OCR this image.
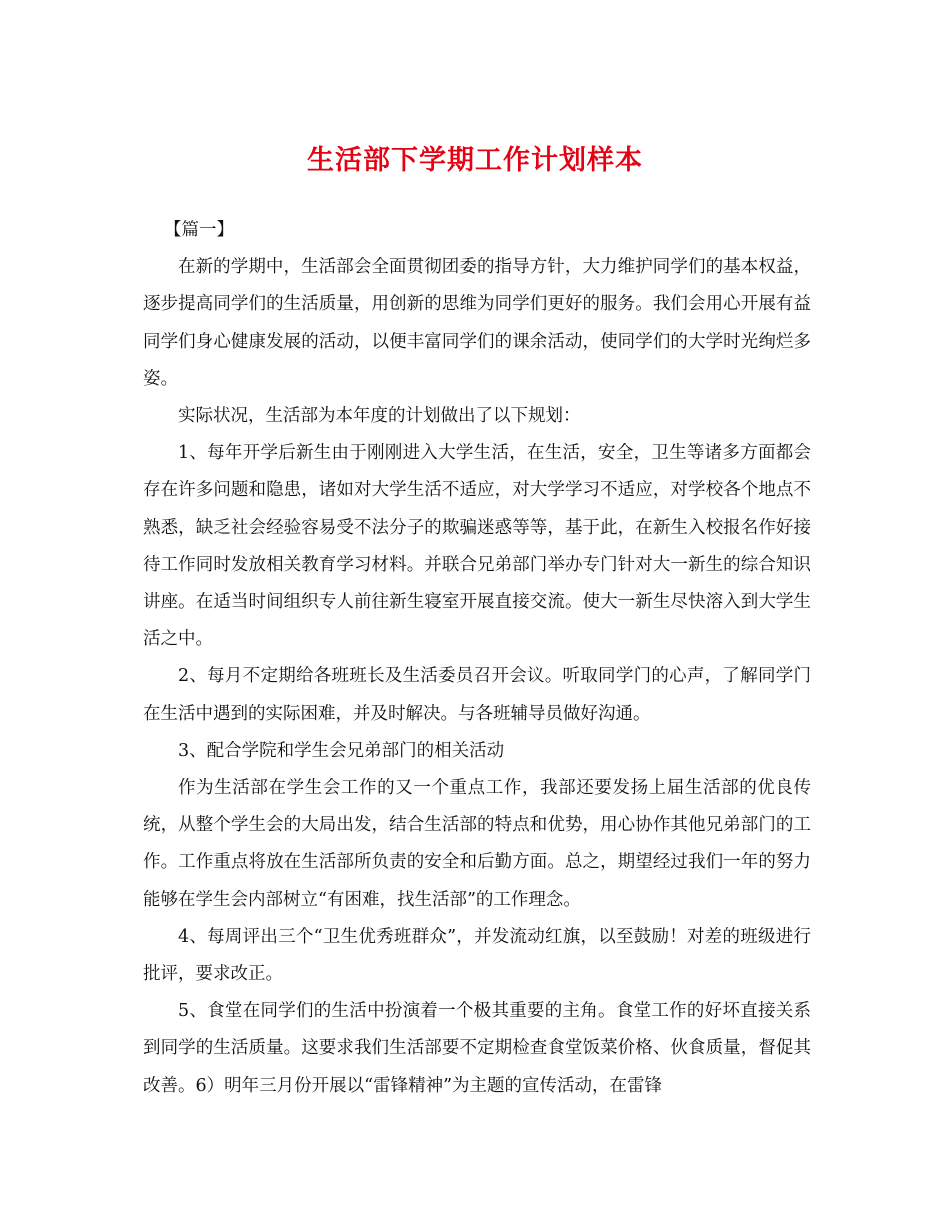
生活部下学期工作计划样本

【篇一】

在新的学期中，生活部会全面贯彻团委的指导方针，大力维护同学们的基本权益，逐步提高同学们的生活质量，用创新的思维为同学们更好的服务。我们会用心开展有益同学们身心健康发展的活动，以便丰富同学们的课余活动，使同学们的大学时光绚烂多姿。

实际状况，生活部为本年度的计划做出了以下规划：

1、每年开学后新生由于刚刚进入大学生活，在生活，安全，卫生等诸多方面都会存在许多问题和隐患，诸如对大学生活不适应，对大学学习不适应，对学校各个地点不熟悉，缺乏社会经验容易受不法分子的欺骗迷惑等等，基于此，在新生入校报名作好接待工作同时发放相关教育学习材料。并联合兄弟部门举办专门针对大一新生的综合知识讲座。在适当时间组织专人前往新生寝室开展直接交流。使大一新生尽快溶入到大学生活之中。

2、每月不定期给各班班长及生活委员召开会议。听取同学门的心声，了解同学门在生活中遇到的实际困难，并及时解决。与各班辅导员做好沟通。

3、配合学院和学生会兄弟部门的相关活动

作为生活部在学生会工作的又一个重点工作，我部还要发扬上届生活部的优良传统，从整个学生会的大局出发，结合生活部的特点和优势，用心协作其他兄弟部门的工作。工作重点将放在生活部所负责的安全和后勤方面。总之，期望经过我们一年的努力能够在学生会内部树立“有困难，找生活部”的工作理念。

4、每周评出三个“卫生优秀班群众”，并发流动红旗，以至鼓励！对差的班级进行批评，要求改正。

5、食堂在同学们的生活中扮演着一个极其重要的主角。食堂工作的好坏直接关系到同学的生活质量。这要求我们生活部要不定期检查食堂饭菜价格、伙食质量，督促其改善。6）明年三月份开展以“雷锋精神”为主题的宣传活动，在雷锋
